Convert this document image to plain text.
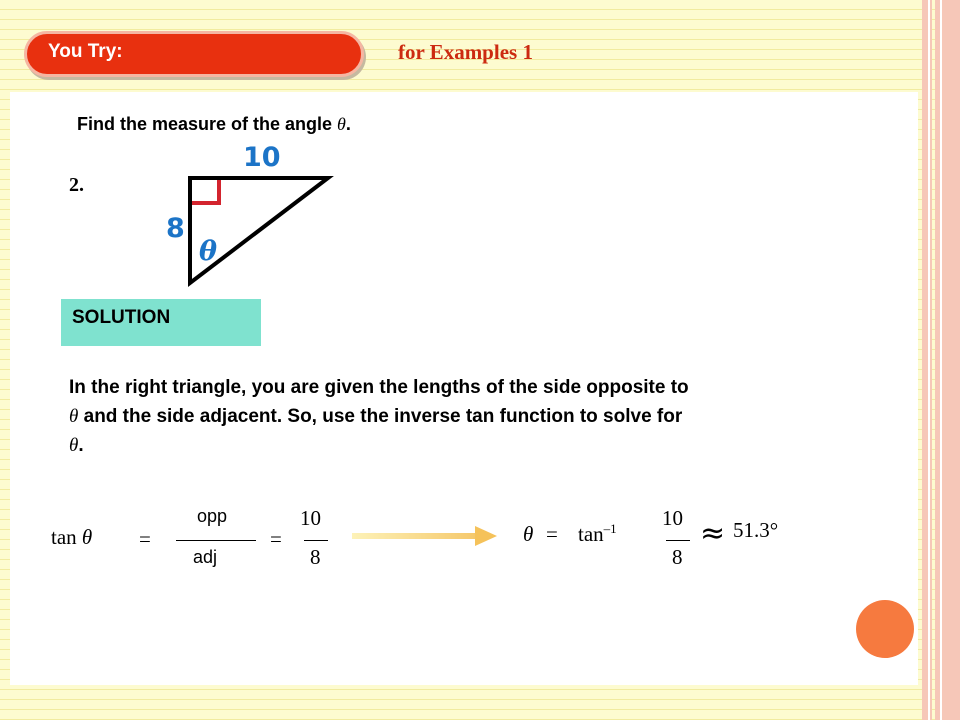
You Try:	for Examples 1
Find the measure of the angle θ.
2.
10
8
θ
SOLUTION
In the right triangle, you are given the lengths of the side opposite to
θ and the side adjacent. So, use the inverse tan function to solve for
θ.
tan θ =
opp
adj
=
10
8
$\theta = \tan^{-1} 10$
8
≈ 51.3°
